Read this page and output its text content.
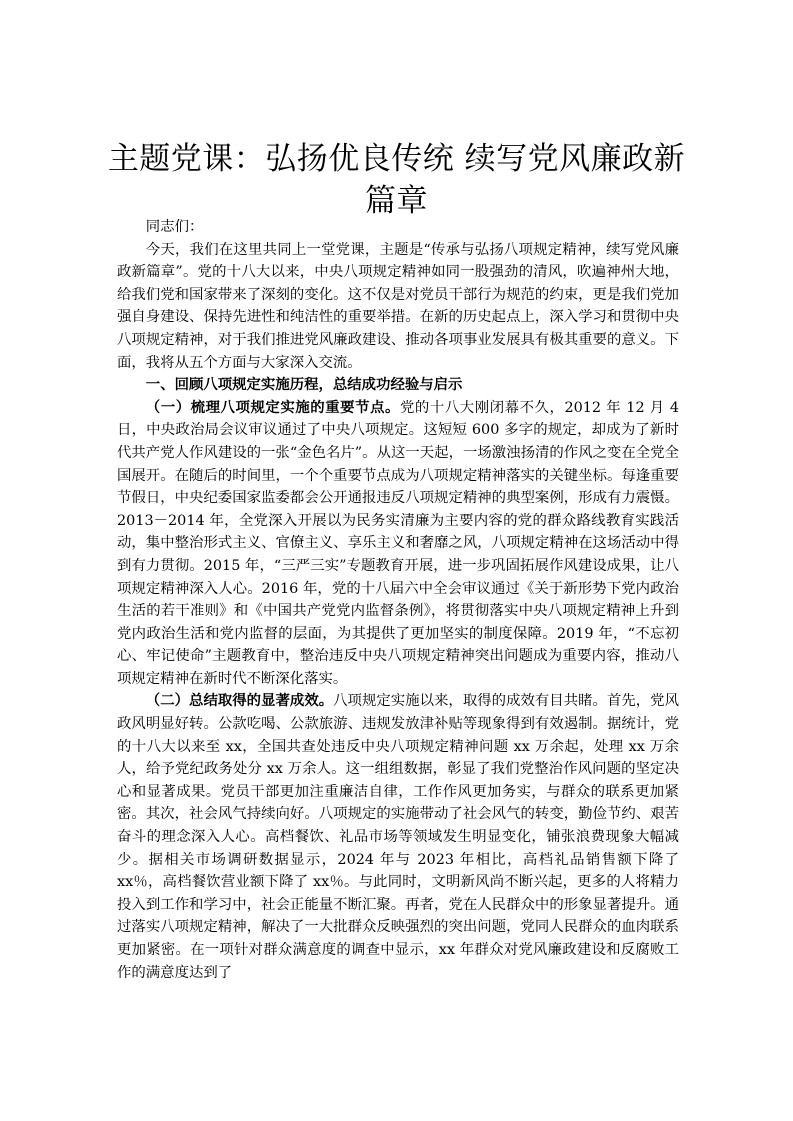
主题党课：弘扬优良传统 续写党风廉政新篇章

同志们：

今天，我们在这里共同上一堂党课，主题是“传承与弘扬八项规定精神，续写党风廉政新篇章”。党的十八大以来，中央八项规定精神如同一股强劲的清风，吹遍神州大地，给我们党和国家带来了深刻的变化。这不仅是对党员干部行为规范的约束，更是我们党加强自身建设、保持先进性和纯洁性的重要举措。在新的历史起点上，深入学习和贯彻中央八项规定精神，对于我们推进党风廉政建设、推动各项事业发展具有极其重要的意义。下面，我将从五个方面与大家深入交流。

一、回顾八项规定实施历程，总结成功经验与启示

（一）梳理八项规定实施的重要节点。党的十八大刚闭幕不久，2012 年 12 月 4 日，中央政治局会议审议通过了中央八项规定。这短短 600 多字的规定，却成为了新时代共产党人作风建设的一张“金色名片”。从这一天起，一场激浊扬清的作风之变在全党全国展开。在随后的时间里，一个个重要节点成为八项规定精神落实的关键坐标。每逢重要节假日，中央纪委国家监委都会公开通报违反八项规定精神的典型案例，形成有力震慑。2013－2014 年，全党深入开展以为民务实清廉为主要内容的党的群众路线教育实践活动，集中整治形式主义、官僚主义、享乐主义和奢靡之风，八项规定精神在这场活动中得到有力贯彻。2015 年，“三严三实”专题教育开展，进一步巩固拓展作风建设成果，让八项规定精神深入人心。2016 年，党的十八届六中全会审议通过《关于新形势下党内政治生活的若干准则》和《中国共产党党内监督条例》，将贯彻落实中央八项规定精神上升到党内政治生活和党内监督的层面，为其提供了更加坚实的制度保障。2019 年，“不忘初心、牢记使命”主题教育中，整治违反中央八项规定精神突出问题成为重要内容，推动八项规定精神在新时代不断深化落实。

（二）总结取得的显著成效。八项规定实施以来，取得的成效有目共睹。首先，党风政风明显好转。公款吃喝、公款旅游、违规发放津补贴等现象得到有效遏制。据统计，党的十八大以来至 xx，全国共查处违反中央八项规定精神问题 xx 万余起，处理 xx 万余人，给予党纪政务处分 xx 万余人。这一组组数据，彰显了我们党整治作风问题的坚定决心和显著成果。党员干部更加注重廉洁自律，工作作风更加务实，与群众的联系更加紧密。其次，社会风气持续向好。八项规定的实施带动了社会风气的转变，勤俭节约、艰苦奋斗的理念深入人心。高档餐饮、礼品市场等领域发生明显变化，铺张浪费现象大幅减少。据相关市场调研数据显示，2024 年与 2023 年相比，高档礼品销售额下降了 xx％，高档餐饮营业额下降了 xx％。与此同时，文明新风尚不断兴起，更多的人将精力投入到工作和学习中，社会正能量不断汇聚。再者，党在人民群众中的形象显著提升。通过落实八项规定精神，解决了一大批群众反映强烈的突出问题，党同人民群众的血肉联系更加紧密。在一项针对群众满意度的调查中显示，xx 年群众对党风廉政建设和反腐败工作的满意度达到了
